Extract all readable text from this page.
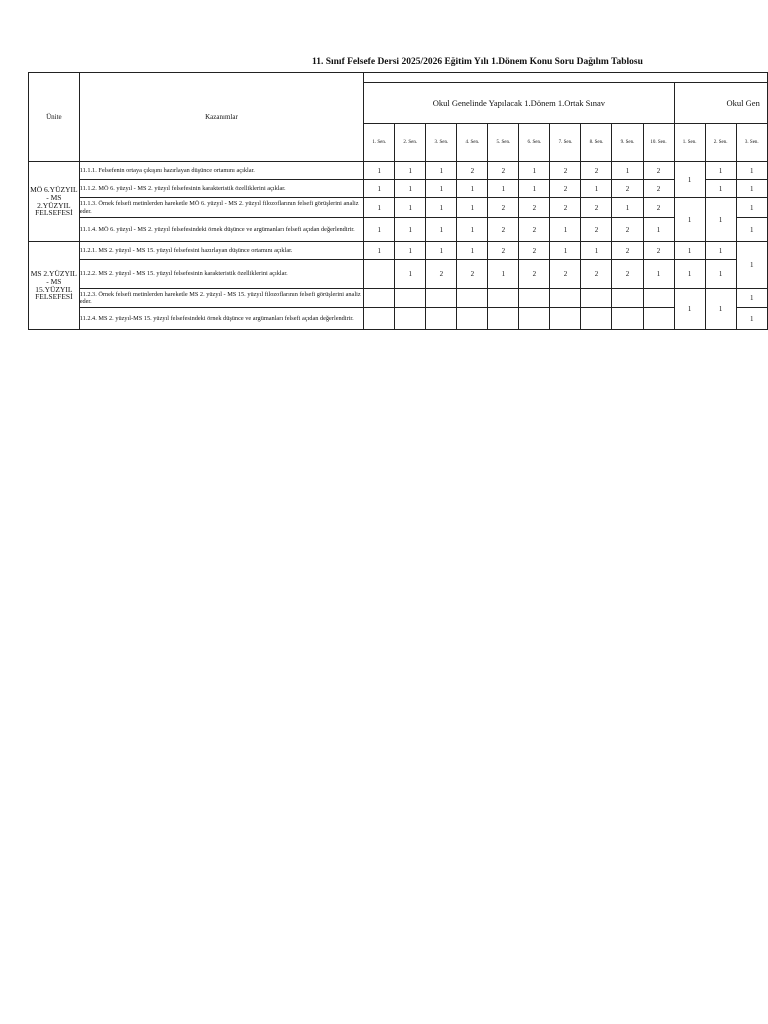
11. Sınıf Felsefe Dersi 2025/2026 Eğitim Yılı 1.Dönem Konu Soru Dağılım Tablosu
Ünite	Kazanımlar													
		Okul Genelinde Yapılacak 1.Dönem 1.Ortak Sınav										Okul Gen		
		1. Sen.	2. Sen.	3. Sen.	4. Sen.	5. Sen.	6. Sen.	7. Sen.	8. Sen.	9. Sen.	10. Sen.	1. Sen.	2. Sen.	3. Sen.
MÖ 6.YÜZYIL - MS 2.YÜZYIL FELSEFESİ	11.1.1. Felsefenin ortaya çıkışını hazırlayan düşünce ortamını açıklar.	1	1	1	2	2	1	2	2	1	2	1	1	1
	11.1.2. MÖ 6. yüzyıl - MS 2. yüzyıl felsefesinin karakteristik özelliklerini açıklar.	1	1	1	1	1	1	2	1	2	2		1	1
	11.1.3. Örnek felsefi metinlerden hareketle MÖ 6. yüzyıl - MS 2. yüzyıl filozoflarının felsefi görüşlerini analiz eder.	1	1	1	1	2	2	2	2	1	2	1	1	1
	11.1.4. MÖ 6. yüzyıl - MS 2. yüzyıl felsefesindeki örnek düşünce ve argümanları felsefi açıdan değerlendirir.	1	1	1	1	2	2	1	2	2	1			1
MS 2.YÜZYIL - MS 15.YÜZYIL FELSEFESİ	11.2.1. MS 2. yüzyıl - MS 15. yüzyıl felsefesini hazırlayan düşünce ortamını açıklar.	1	1	1	1	2	2	1	1	2	2	1	1	1
	11.2.2. MS 2. yüzyıl - MS 15. yüzyıl felsefesinin karakteristik özelliklerini açıklar.		1	2	2	1	2	2	2	2	1	1	1	
	11.2.3. Örnek felsefi metinlerden hareketle MS 2. yüzyıl - MS 15. yüzyıl filozoflarının felsefi görüşlerini analiz eder.											1	1	1
	11.2.4. MS 2. yüzyıl-MS 15. yüzyıl felsefesindeki örnek düşünce ve argümanları felsefi açıdan değerlendirir.													1
